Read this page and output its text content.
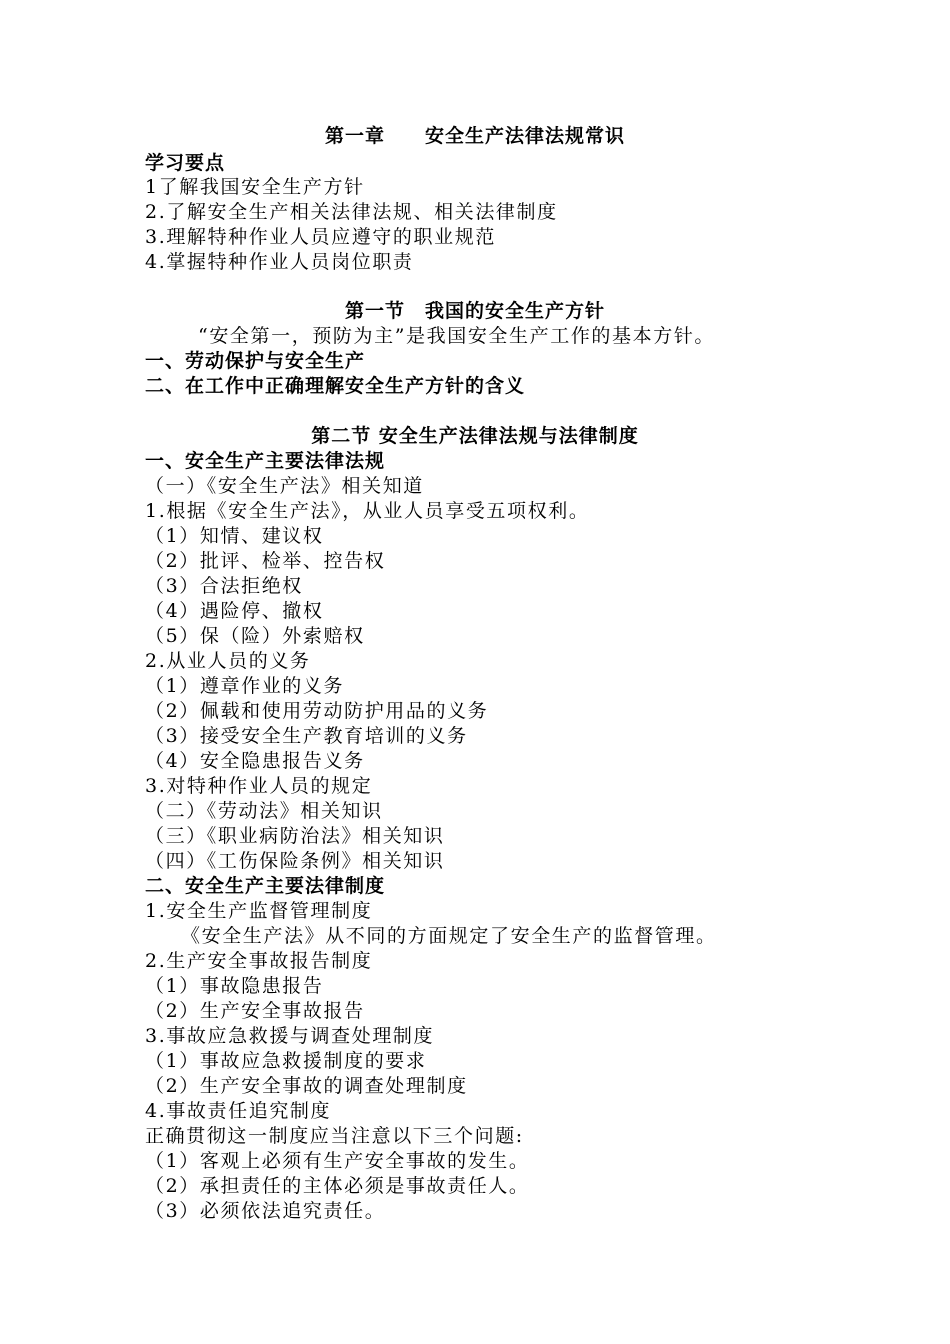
第一章　　安全生产法律法规常识
学习要点
1了解我国安全生产方针
2.了解安全生产相关法律法规、相关法律制度
3.理解特种作业人员应遵守的职业规范
4.掌握特种作业人员岗位职责
第一节　我国的安全生产方针
“安全第一，预防为主”是我国安全生产工作的基本方针。
一、劳动保护与安全生产
二、在工作中正确理解安全生产方针的含义
第二节 安全生产法律法规与法律制度
一、安全生产主要法律法规
（一）《安全生产法》相关知道
1.根据《安全生产法》，从业人员享受五项权利。
（1）知情、建议权
（2）批评、检举、控告权
（3）合法拒绝权
（4）遇险停、撤权
（5）保（险）外索赔权
2.从业人员的义务
（1）遵章作业的义务
（2）佩载和使用劳动防护用品的义务
（3）接受安全生产教育培训的义务
（4）安全隐患报告义务
3.对特种作业人员的规定
（二）《劳动法》相关知识
（三）《职业病防治法》相关知识
（四）《工伤保险条例》相关知识
二、安全生产主要法律制度
1.安全生产监督管理制度
《安全生产法》从不同的方面规定了安全生产的监督管理。
2.生产安全事故报告制度
（1）事故隐患报告
（2）生产安全事故报告
3.事故应急救援与调查处理制度
（1）事故应急救援制度的要求
（2）生产安全事故的调查处理制度
4.事故责任追究制度
正确贯彻这一制度应当注意以下三个问题:
（1）客观上必须有生产安全事故的发生。
（2）承担责任的主体必须是事故责任人。
（3）必须依法追究责任。
